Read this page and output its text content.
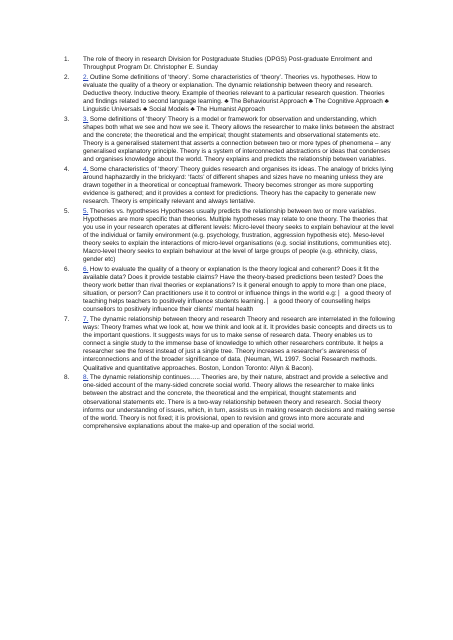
1.	The role of theory in research Division for Postgraduate Studies (DPGS) Post-graduate Enrolment and Throughput Program Dr. Christopher E. Sunday
2.	2. Outline Some definitions of ‘theory’. Some characteristics of ‘theory’. Theories vs. hypotheses. How to evaluate the quality of a theory or explanation. The dynamic relationship between theory and research. Deductive theory. Inductive theory. Example of theories relevant to a particular research question. Theories and findings related to second language learning. ♣ The Behaviourist Approach ♣ The Cognitive Approach ♣ Linguistic Universals ♣ Social Models ♣ The Humanist Approach
3.	3. Some definitions of ‘theory’ Theory is a model or framework for observation and understanding, which shapes both what we see and how we see it. Theory allows the researcher to make links between the abstract and the concrete; the theoretical and the empirical; thought statements and observational statements etc. Theory is a generalised statement that asserts a connection between two or more types of phenomena – any generalised explanatory principle. Theory is a system of interconnected abstractions or ideas that condenses and organises knowledge about the world. Theory explains and predicts the relationship between variables.
4.	4. Some characteristics of ‘theory’ Theory guides research and organises its ideas. The analogy of bricks lying around haphazardly in the brickyard: ‘facts’ of different shapes and sizes have no meaning unless they are drawn together in a theoretical or conceptual framework. Theory becomes stronger as more supporting evidence is gathered; and it provides a context for predictions. Theory has the capacity to generate new research. Theory is empirically relevant and always tentative.
5.	5. Theories vs. hypotheses Hypotheses usually predicts the relationship between two or more variables. Hypotheses are more specific than theories. Multiple hypotheses may relate to one theory. The theories that you use in your research operates at different levels: Micro-level theory seeks to explain behaviour at the level of the individual or family environment (e.g. psychology, frustration, aggression hypothesis etc). Meso-level theory seeks to explain the interactions of micro-level organisations (e.g. social institutions, communities etc). Macro-level theory seeks to explain behaviour at the level of large groups of people (e.g. ethnicity, class, gender etc)
6.	6. How to evaluate the quality of a theory or explanation Is the theory logical and coherent? Does it fit the available data? Does it provide testable claims? Have the theory-based predictions been tested? Does the theory work better than rival theories or explanations? Is it general enough to apply to more than one place, situation, or person? Can practitioners use it to control or influence things in the world e.g: ⎸a good theory of teaching helps teachers to positively influence students learning. ⎸a good theory of counselling helps counsellors to positively influence their clients’ mental health
7.	7. The dynamic relationship between theory and research Theory and research are interrelated in the following ways: Theory frames what we look at, how we think and look at it. It provides basic concepts and directs us to the important questions. It suggests ways for us to make sense of research data. Theory enables us to connect a single study to the immense base of knowledge to which other researchers contribute. It helps a researcher see the forest instead of just a single tree. Theory increases a researcher’s awareness of interconnections and of the broader significance of data. (Neuman, WL 1997. Social Research methods. Qualitative and quantitative approaches. Boston, London Toronto: Allyn & Bacon).
8.	8. The dynamic relationship continues….. Theories are, by their nature, abstract and provide a selective and one-sided account of the many-sided concrete social world. Theory allows the researcher to make links between the abstract and the concrete, the theoretical and the empirical, thought statements and observational statements etc. There is a two-way relationship between theory and research. Social theory informs our understanding of issues, which, in turn, assists us in making research decisions and making sense of the world. Theory is not fixed; it is provisional, open to revision and grows into more accurate and comprehensive explanations about the make-up and operation of the social world.
